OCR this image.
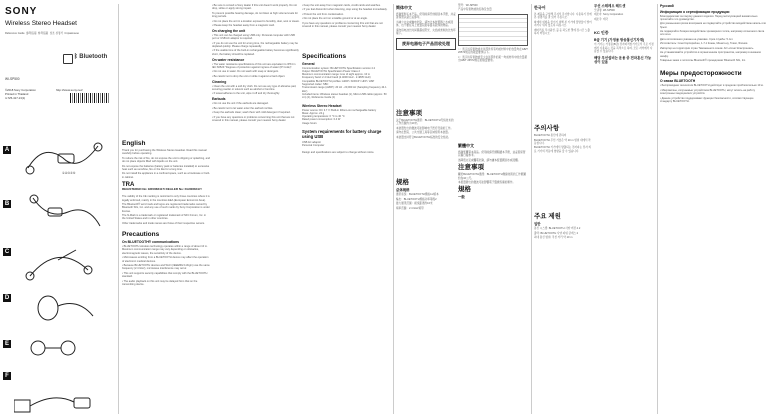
SONY
Wireless Stereo Headset
Reference Guide  参考指南  參考指南  참조 설명서  Справочное
ᛒ Bluetooth
WI-SP500
©2018 Sony Corporation
Printed in Thailand
4-725-417-13(1)
http://www.sony.net/
A
①②③④⑤
B
C
D
E
F
English

Thank you for purchasing the Wireless Stereo Headset. Read this manual carefully before operating.

To reduce the risk of fire, do not expose the unit to dripping or splashing, and do not place objects filled with liquids on the unit.

Do not expose the batteries (battery pack or batteries installed) to excessive heat such as sunshine, fire or the like for a long time.

Do not install the appliance in a confined space, such as a bookcase or built-in cabinet.

TRA
REGISTERED No: ER0068417/ DEALER No: DA0068417/

The validity of the CE marking is restricted to only those countries where it is legally enforced, mainly in the countries EEA (European Economic Area).

The Bluetooth® word mark and logos are registered trademarks owned by Bluetooth SIG, Inc. and any use of such marks by Sony Corporation is under license.

The N-Mark is a trademark or registered trademark of NFC Forum, Inc. in the United States and in other countries.

Other trademarks and trade names are those of their respective owners.

Precautions
On BLUETOOTH® communications

• BLUETOOTH wireless technology operates within a range of about 10 m. Maximum communication range may vary depending on obstacles, electromagnetic waves, the sensitivity of the device.

• Microwaves emitting from a BLUETOOTH device may affect the operation of electronic medical devices.

• Because BLUETOOTH devices and Wi-Fi (IEEE802.11b/g/n) use the same frequency (2.4 GHz), microwave interference may occur.

• This unit supports security capabilities that comply with the BLUETOOTH standard.

• The audio playback on this unit may be delayed from that on the transmitting device.

• Be sure to consult a Sony dealer if this unit doesn't work properly. Do not drop, strike or apply strong impact.

To prevent possible hearing damage, do not listen at high volume levels for long periods.

• Do not place the unit in a location exposed to humidity, dust, soot or steam.

• Please keep the headset away from a magnetic card.

On charging the unit

• This unit can be charged using USB only. Personal computer with USB port or USB AC adaptor is required.

• If you do not use the unit for a long time, the rechargeable battery may be depleted quickly. Please charge repeatedly.

• If the usable time of the built-in rechargeable battery becomes significantly short, the battery should be replaced.

On water resistance

• The water resistance specifications of this unit are equivalent to IPX4 in IEC 60529 "Degrees of protection against ingress of water (IP Code)".

• Do not use in water. Do not wash with soap or detergent.

• Be careful not to drop the unit or strike it against a hard object.

Cleaning

• Clean the unit with a soft dry cloth. Do not use any type of abrasive pad, scouring powder or solvent such as alcohol or benzine.

• If sweat adheres to the unit, wipe it off and dry thoroughly.

Earbuds

• Do not use the unit if the earbuds are damaged.

• Be careful not to let water enter the earbud nozzles.

• Keep the earbuds clean; wash them with mild detergent if required.

• If you have any questions or problems concerning this unit that are not covered in this manual, please consult your nearest Sony dealer.

• Keep the unit away from magnetic cards, credit cards and watches.

• If you feel discomfort when listening, stop using the headset immediately.

• Protect the unit from condensation.

• Do not place the unit on unstable ground or at an angle.

If you have any questions or problems concerning this unit that are not covered in this manual, please consult your nearest Sony dealer.

Specifications
General
Communication system: BLUETOOTH Specification version 4.2
Output: BLUETOOTH Specification Power Class 2
Maximum communication range: Line of sight approx. 10 m
Frequency band: 2.4 GHz band (2.4000 GHz - 2.4835 GHz)
Compatible BLUETOOTH profiles: A2DP / AVRCP / HFP / HSP
Supported codec: SBC
Transmission range (A2DP): 20 Hz - 20,000 Hz (Sampling frequency 44.1 kHz)
Included items: Wireless stereo headset (1), Micro-USB cable (approx. 50 cm) (1), Reference Guide (1)
Wireless Stereo Headset
Power source: DC 3.7 V: Built-in lithium-ion rechargeable battery
Mass: Approx. 24 g
Operating temperature: 0 °C to 40 °C
Rated power consumption: 0.4 W
Usage hours
System requirements for battery charge using USB
USB AC adaptor
Personal Computer
Design and specifications are subject to change without notice.
简体中文

感谢您购买本产品。使用前请仔细阅读本手册，并妥善保管以备日后参考。

为减少火灾或触电危险，请勿让本装置溅上水或液体，也不要在其上放置花瓶等盛有液体的物品。

请勿将电池长时间暴露在阳光、火焰或类似的过热环境下。

废弃电器电子产品回收处理
注意事项

关于BLUETOOTH通讯：BLUETOOTH无线技术的工作范围约为10米。

本装置发出的微波可能影响电子医疗设备的工作。

请勿在医院、公共交通工具等区域使用本装置。

本装置支持符合BLUETOOTH标准的安全性能。

规格
总体规格

通讯系统：BLUETOOTH规格4.2版本

输出：BLUETOOTH规格功率等级2

最大通讯范围：视线距离约10米

频率范围：2.4 GHz频带

型号：WI-SP500

产品中有害物质的名称及含量

○：表示该有害物质在该部件所有均质材料中的含量均在GB/T 26572规定的限量要求以下。

×：表示该有害物质至少在该部件的某一均质材料中的含量超出GB/T 26572规定的限量要求。

繁體中文

感謝您購買本產品。使用前請仔細閱讀本手冊，並妥善保管以備日後參考。

為降低火災或觸電危險，請勿讓本裝置濺到水或液體。

注意事項

關於BLUETOOTH通訊：BLUETOOTH無線技術的工作範圍約為10公尺。

本裝置發出的微波可能影響電子醫療設備的運作。

規格
一般
한국어

본 제품을 구입해 주셔서 감사합니다. 사용하기 전에 본 설명서를 잘 읽어 주십시오.

화재의 위험을 줄이기 위해 본 기기에 물방울이 떨어지거나 튀지 않도록 하십시오.

배터리를 직사광선, 불 등 과도한 열에 장시간 노출하지 마십시오.

주의사항

BLUETOOTH 통신에 관하여

BLUETOOTH 무선 기술은 약 10 m 범위 내에서 작동합니다.

BLUETOOTH 기기에서 방출되는 전자파는 전자 의료 기기의 작동에 영향을 줄 수 있습니다.

주요 제원
일반

통신 시스템: BLUETOOTH 사양 버전 4.2

출력: BLUETOOTH 사양 파워 클래스 2

최대 통신 범위: 직선 거리 약 10 m

무선 스테레오 헤드셋

모델명: WI-SP500

제조자: Sony Corporation

제조국: 태국

KC 인증
B급 기기 (가정용 방송통신기자재)
이 기기는 가정용(B급) 전자파적합기기로서 주로 가정에서 사용하는 것을 목적으로 하며, 모든 지역에서 사용할 수 있습니다.
해당 무선설비는 운용 중 전파혼신 가능성이 있음
Русский
Информация о сертификации продукции

Благодарим вас за покупку данного изделия. Перед эксплуатацией внимательно прочитайте это руководство.

Для уменьшения риска возгорания не подвергайте устройство воздействию капель или брызг.

Не подвергайте батареи воздействию чрезмерного тепла, например солнечного света или огня.

Дата изготовления указана на упаковке. Срок службы: 5 лет.

Изготовитель: Сони Корпорейшн, 1-7-1 Конан, Минато-ку, Токио, Япония.

Импортер на территории стран Таможенного союза: АО «Сони Электроникс».

Не устанавливайте устройство в ограниченном пространстве, например в книжном шкафу.

Товарные знаки и логотипы Bluetooth® принадлежат Bluetooth SIG, Inc.

Меры предосторожности
О связи BLUETOOTH

• Беспроводная технология BLUETOOTH действует в пределах приблизительно 10 м.

• Микроволны, излучаемые устройством BLUETOOTH, могут влиять на работу электронных медицинских устройств.

• Данное устройство поддерживает функции безопасности, соответствующие стандарту BLUETOOTH.
